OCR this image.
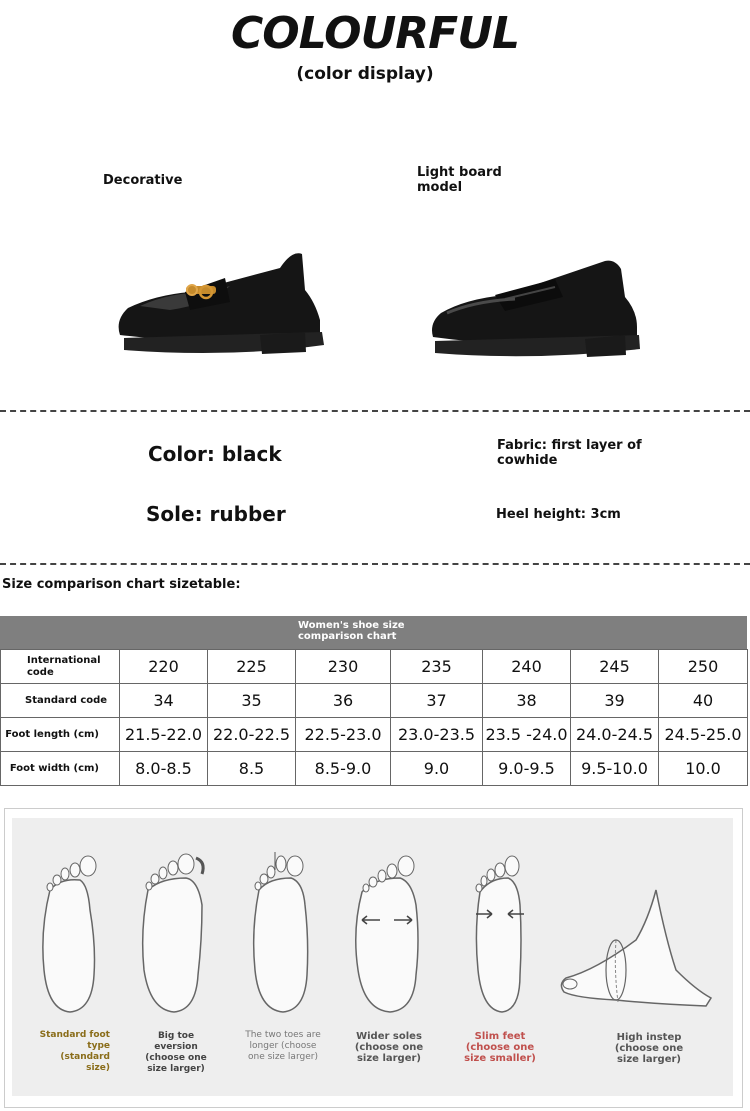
COLOURFUL
(color display)
Decorative
Light board model
Color: black
Sole: rubber
Fabric: first layer of cowhide
Heel height: 3cm
Size comparison chart sizetable:
Women's shoe size comparison chart
International code	220	225	230	235	240	245	250
Standard code	34	35	36	37	38	39	40
Foot length (cm)	21.5-22.0	22.0-22.5	22.5-23.0	23.0-23.5	23.5 -24.0	24.0-24.5	24.5-25.0
Foot width (cm)	8.0-8.5	8.5	8.5-9.0	9.0	9.0-9.5	9.5-10.0	10.0
Standard foot type (standard size)
Big toe eversion (choose one size larger)
The two toes are longer (choose one size larger)
Wider soles (choose one size larger)
Slim feet (choose one size smaller)
High instep (choose one size larger)
